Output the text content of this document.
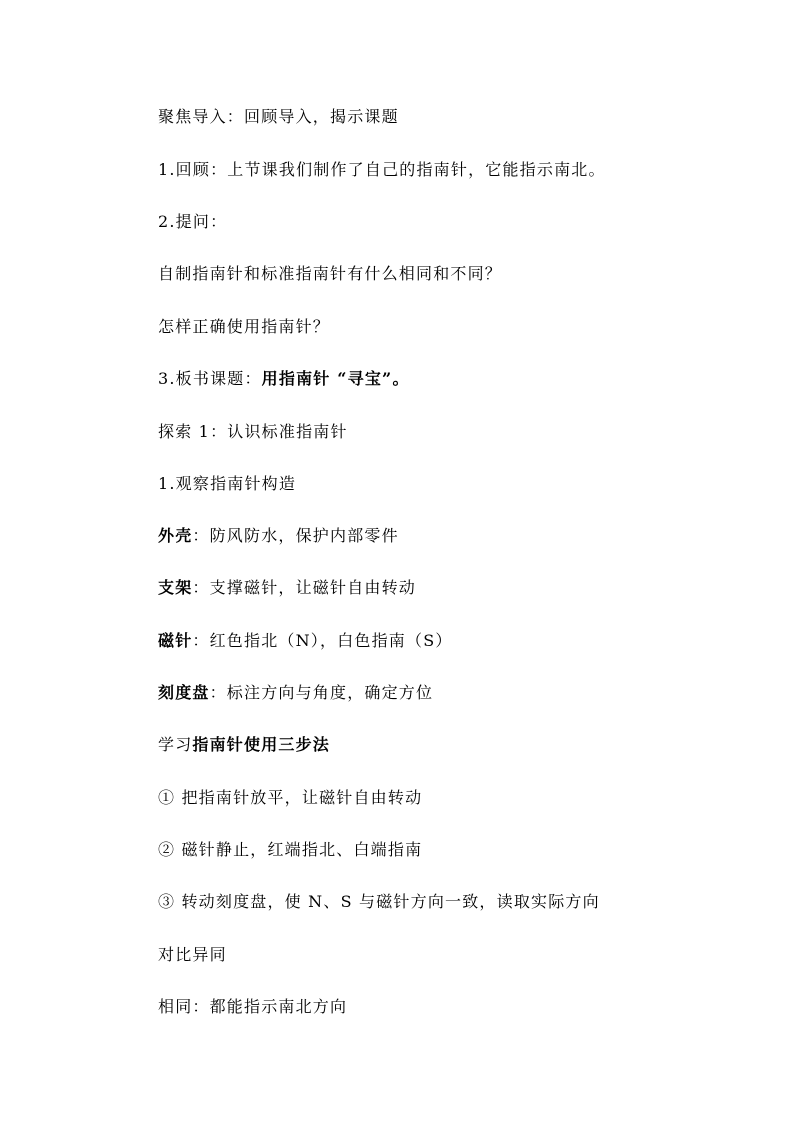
聚焦导入：回顾导入，揭示课题
1.回顾：上节课我们制作了自己的指南针，它能指示南北。
2.提问：
自制指南针和标准指南针有什么相同和不同？
怎样正确使用指南针？
3.板书课题：用指南针 “寻宝”。
探索 1：认识标准指南针
1.观察指南针构造
外壳：防风防水，保护内部零件
支架：支撑磁针，让磁针自由转动
磁针：红色指北（N），白色指南（S）
刻度盘：标注方向与角度，确定方位
学习指南针使用三步法
① 把指南针放平，让磁针自由转动
② 磁针静止，红端指北、白端指南
③ 转动刻度盘，使 N、S 与磁针方向一致，读取实际方向
对比异同
相同：都能指示南北方向
